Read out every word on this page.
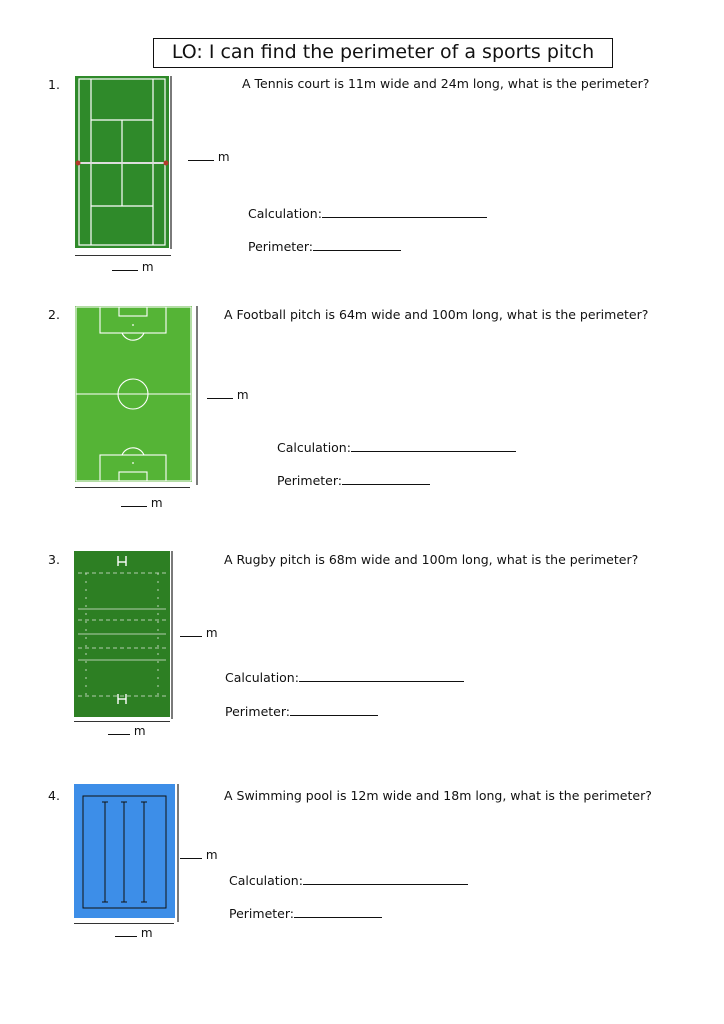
LO: I can find the perimeter of a sports pitch
1.	A Tennis court is 11m wide and 24m long, what is the perimeter?
m
m
Calculation:
Perimeter:
2.	A Football pitch is 64m wide and 100m long, what is the perimeter?
m
m
Calculation:
Perimeter:
3.	A Rugby pitch is 68m wide and 100m long, what is the perimeter?
m
m
Calculation:
Perimeter:
4.	A Swimming pool is 12m wide and 18m long, what is the perimeter?
m
m
Calculation:
Perimeter:
